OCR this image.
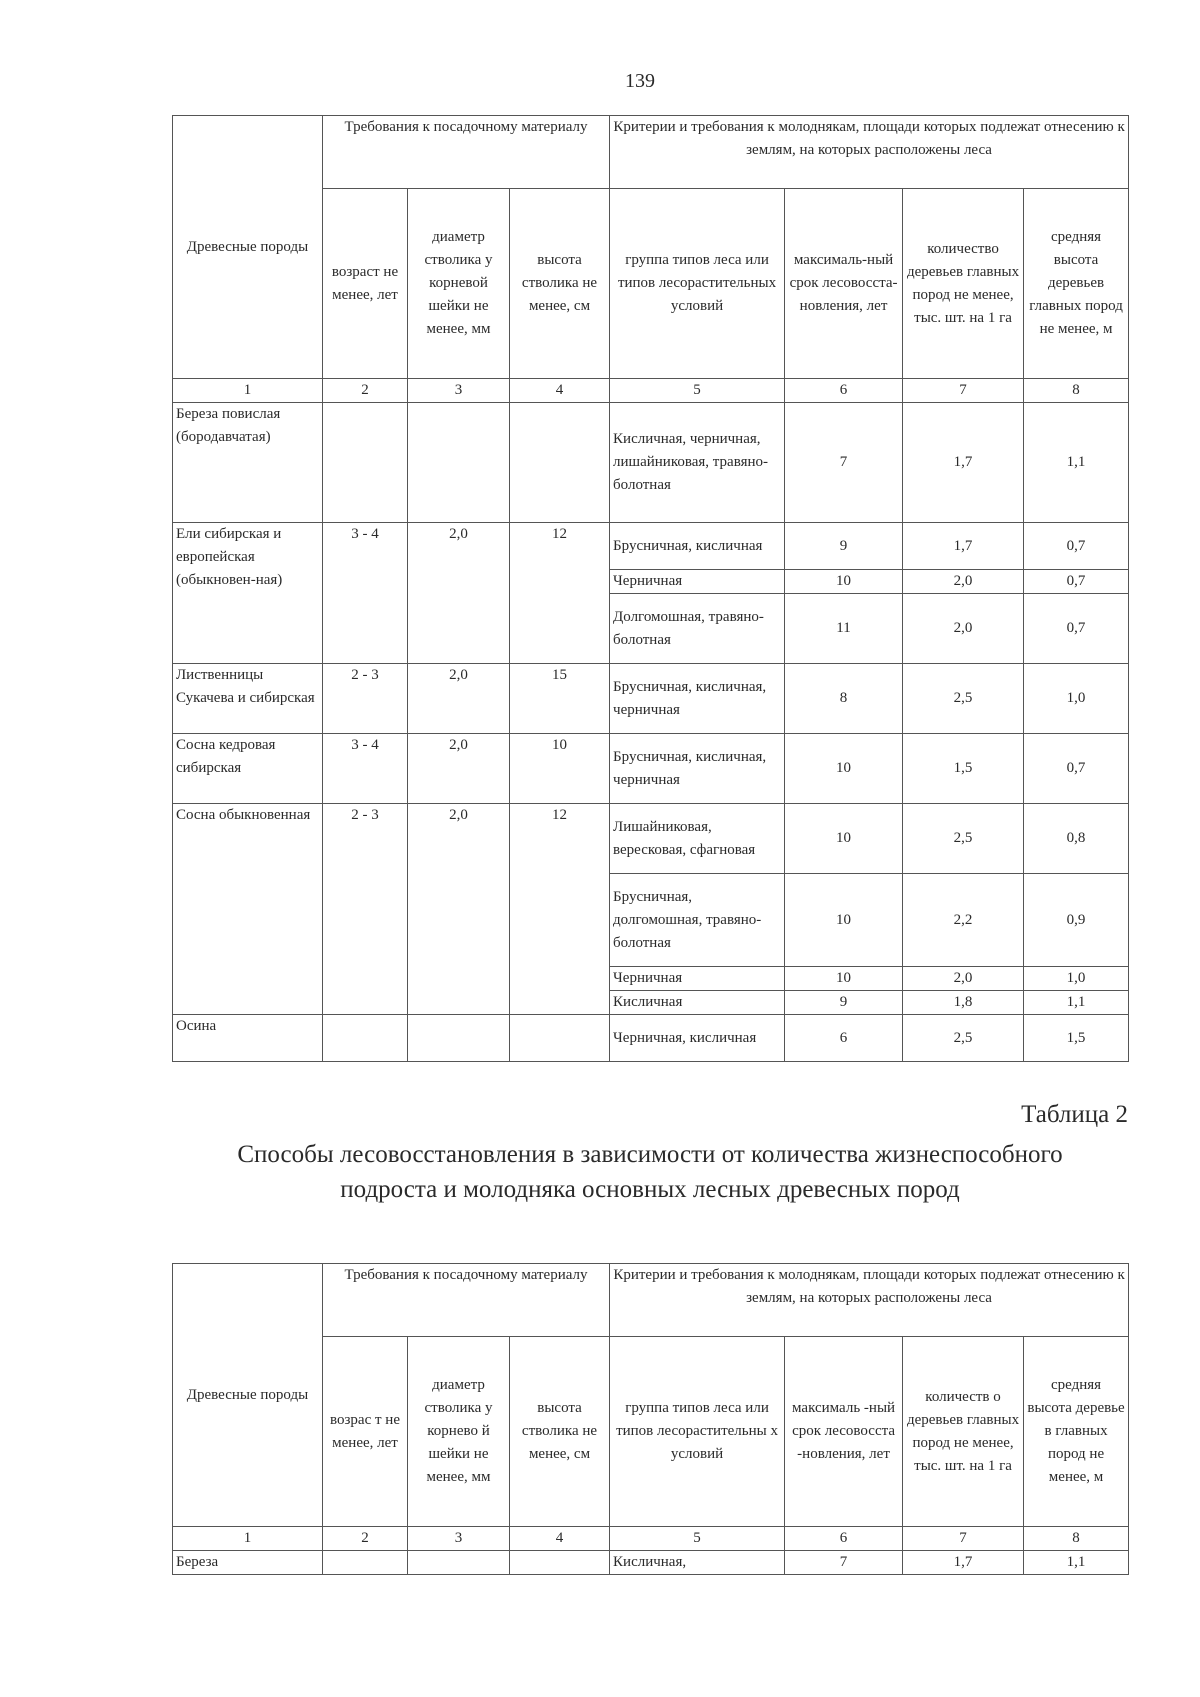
139
Древесные породы	Требования к посадочному материалу			Критерии и требования к молоднякам, площади которых подлежат отнесению к землям, на которых расположены леса			
	возраст не менее, лет	диаметр стволика у корневой шейки не менее, мм	высота стволика не менее, см	группа типов леса или типов лесорастительных условий	максималь-ный срок лесовосста-новления, лет	количество деревьев главных пород не менее, тыс. шт. на 1 га	средняя высота деревьев главных пород не менее, м
1	2	3	4	5	6	7	8
Береза повислая (бородавчатая)				Кисличная, черничная, лишайниковая, травяно-болотная	7	1,7	1,1
Ели сибирская и европейская (обыкновен-ная)	3 - 4	2,0	12	Брусничная, кисличная	9	1,7	0,7
				Черничная	10	2,0	0,7
				Долгомошная, травяно-болотная	11	2,0	0,7
Лиственницы Сукачева и сибирская	2 - 3	2,0	15	Брусничная, кисличная, черничная	8	2,5	1,0
Сосна кедровая сибирская	3 - 4	2,0	10	Брусничная, кисличная, черничная	10	1,5	0,7
Сосна обыкновенная	2 - 3	2,0	12	Лишайниковая, вересковая, сфагновая	10	2,5	0,8
				Брусничная, долгомошная, травяно-болотная	10	2,2	0,9
				Черничная	10	2,0	1,0
				Кисличная	9	1,8	1,1
Осина				Черничная, кисличная	6	2,5	1,5
Таблица 2
Способы лесовосстановления в зависимости от количества жизнеспособного подроста и молодняка основных лесных древесных пород
Древесные породы	Требования к посадочному материалу			Критерии и требования к молоднякам, площади которых подлежат отнесению к землям, на которых расположены леса			
	возрас т не менее, лет	диаметр стволика у корнево й шейки не менее, мм	высота стволика не менее, см	группа типов леса или типов лесорастительны х условий	максималь -ный срок лесовосста -новления, лет	количеств о деревьев главных пород не менее, тыс. шт. на 1 га	средняя высота деревье в главных пород не менее, м
1	2	3	4	5	6	7	8
Береза				Кисличная,	7	1,7	1,1
